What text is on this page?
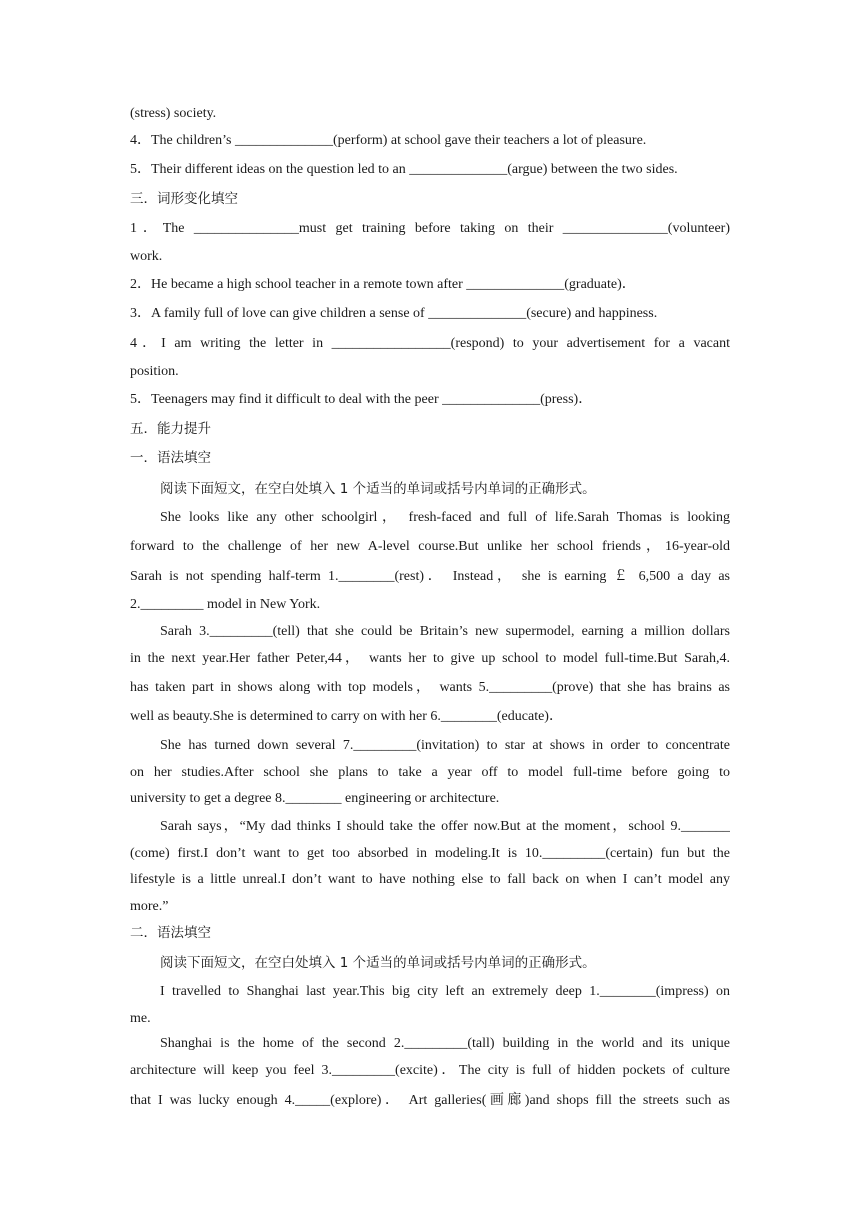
(stress) society.
4．The children’s ______________(perform) at school gave their teachers a lot of pleasure.
5．Their different ideas on the question led to an ______________(argue) between the two sides.
三．词形变化填空
1．The _______________must get training before taking on their _______________(volunteer)
work.
2．He became a high school teacher in a remote town after ______________(graduate)．
3．A family full of love can give children a sense of ______________(secure) and happiness.
4．I am writing the letter in _________________(respond) to your advertisement for a vacant
position.
5．Teenagers may find it difficult to deal with the peer ______________(press)．
五．能力提升
一．语法填空
阅读下面短文，在空白处填入 1 个适当的单词或括号内单词的正确形式。
She looks like any other schoolgirl， fresh-faced and full of life.Sarah Thomas is looking
forward to the challenge of her new A-level course.But unlike her school friends，16-year-old
Sarah is not spending half-term 1.________(rest)． Instead， she is earning ￡ 6,500 a day as
2._________ model in New York.
Sarah 3._________(tell) that she could be Britain’s new supermodel, earning a million dollars
in the next year.Her father Peter,44， wants her to give up school to model full-time.But Sarah,4.
has taken part in shows along with top models， wants 5._________(prove) that she has brains as
well as beauty.She is determined to carry on with her 6.________(educate)．
She has turned down several 7._________(invitation) to star at shows in order to concentrate
on her studies.After school she plans to take a year off to model full-time before going to
university to get a degree 8.________ engineering or architecture.
Sarah says，“My dad thinks I should take the offer now.But at the moment，school 9._______
(come) first.I don’t want to get too absorbed in modeling.It is 10._________(certain) fun but the
lifestyle is a little unreal.I don’t want to have nothing else to fall back on when I can’t model any
more.”
二．语法填空
阅读下面短文，在空白处填入 1 个适当的单词或括号内单词的正确形式。
I travelled to Shanghai last year.This big city left an extremely deep 1.________(impress) on
me.
Shanghai is the home of the second 2._________(tall) building in the world and its unique
architecture will keep you feel 3._________(excite)．The city is full of hidden pockets of culture
that I was lucky enough 4._____(explore)． Art galleries(画廊)and shops fill the streets such as
